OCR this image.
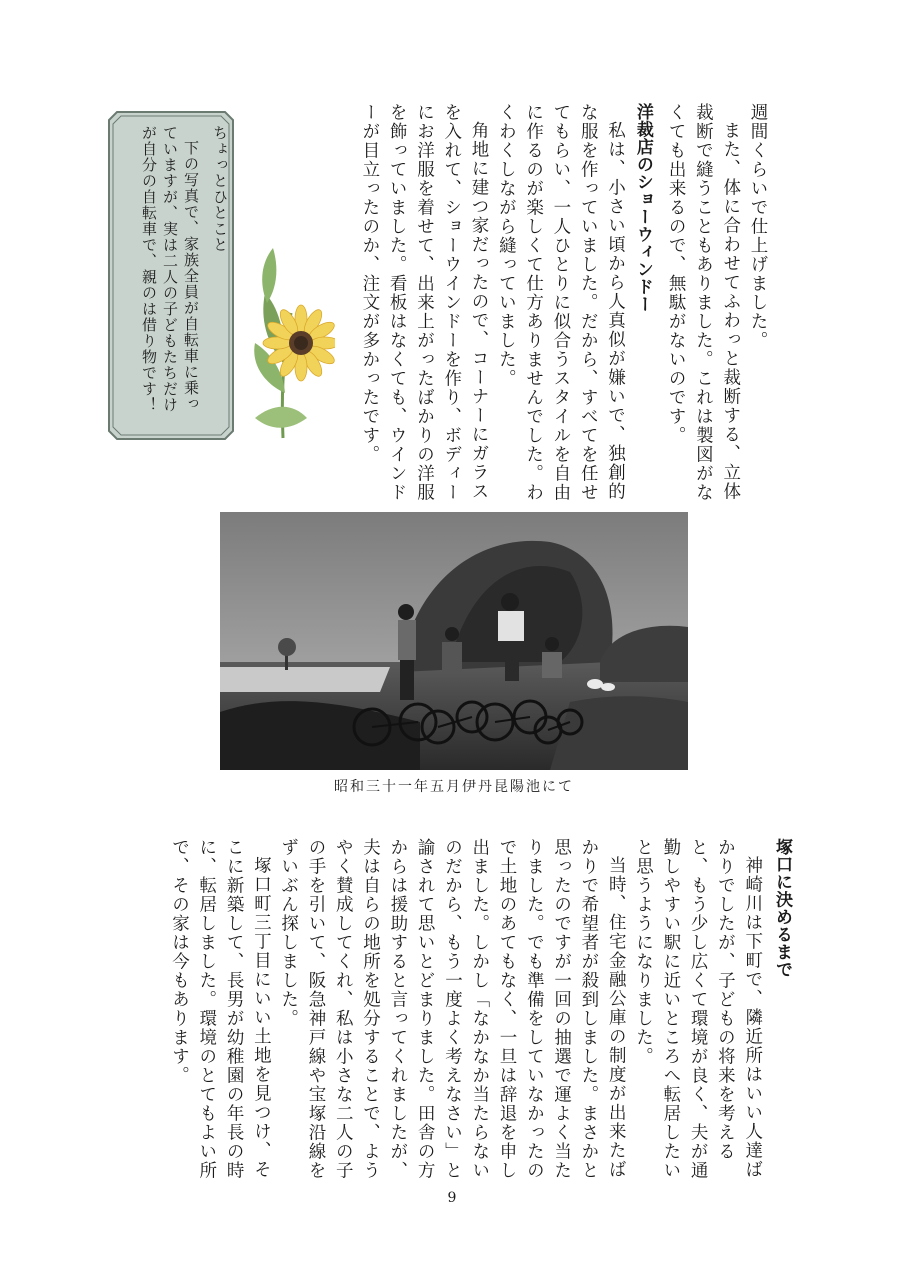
週間くらいで仕上げました。

また、体に合わせてふわっと裁断する、立体裁断で縫うこともありました。これは製図がなくても出来るので、無駄がないのです。

洋裁店のショーウィンドー

私は、小さい頃から人真似が嫌いで、独創的な服を作っていました。だから、すべてを任せてもらい、一人ひとりに似合うスタイルを自由に作るのが楽しくて仕方ありませんでした。わくわくしながら縫っていました。

角地に建つ家だったので、コーナーにガラスを入れて、ショーウインドーを作り、ボディーにお洋服を着せて、出来上がったばかりの洋服を飾っていました。看板はなくても、ウインドーが目立ったのか、注文が多かったです。

ちょっとひとこと

下の写真で、家族全員が自転車に乗っていますが、実は二人の子どもたちだけが自分の自転車で、親のは借り物です！

昭和三十一年五月伊丹昆陽池にて
塚口に決めるまで

神崎川は下町で、隣近所はいい人達ばかりでしたが、子どもの将来を考えると、もう少し広くて環境が良く、夫が通勤しやすい駅に近いところへ転居したいと思うようになりました。

当時、住宅金融公庫の制度が出来たばかりで希望者が殺到しました。まさかと思ったのですが一回の抽選で運よく当たりました。でも準備をしていなかったので土地のあてもなく、一旦は辞退を申し出ました。しかし「なかなか当たらないのだから、もう一度よく考えなさい」と諭されて思いとどまりました。田舎の方からは援助すると言ってくれましたが、夫は自らの地所を処分することで、ようやく賛成してくれ、私は小さな二人の子の手を引いて、阪急神戸線や宝塚沿線をずいぶん探しました。

塚口町三丁目にいい土地を見つけ、そこに新築して、長男が幼稚園の年長の時に、転居しました。環境のとてもよい所で、その家は今もあります。

9
